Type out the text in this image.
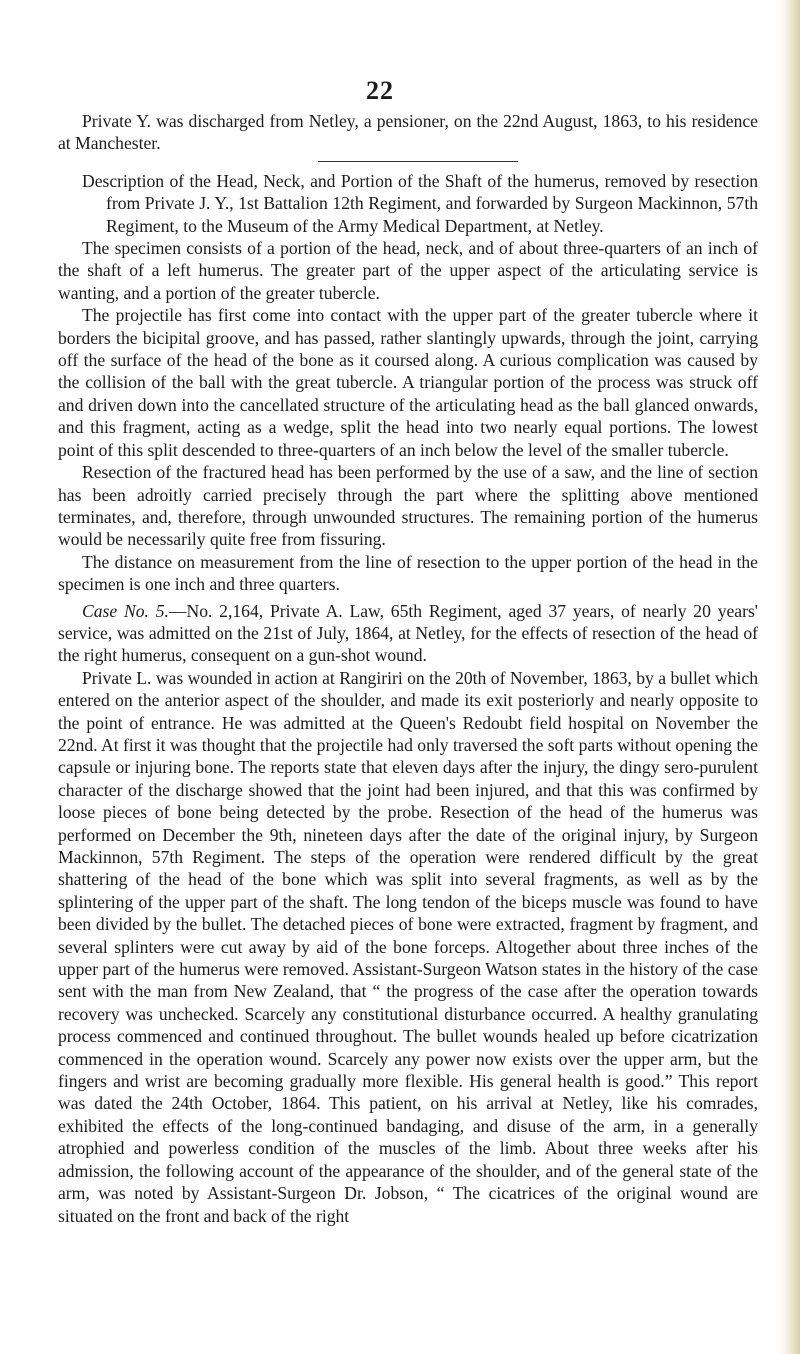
22

Private Y. was discharged from Netley, a pensioner, on the 22nd August, 1863, to his residence at Manchester.

Description of the Head, Neck, and Portion of the Shaft of the humerus, removed by resection from Private J. Y., 1st Battalion 12th Regiment, and forwarded by Surgeon Mackinnon, 57th Regiment, to the Museum of the Army Medical Department, at Netley.

The specimen consists of a portion of the head, neck, and of about three-quarters of an inch of the shaft of a left humerus. The greater part of the upper aspect of the articulating service is wanting, and a portion of the greater tubercle.

The projectile has first come into contact with the upper part of the greater tubercle where it borders the bicipital groove, and has passed, rather slantingly upwards, through the joint, carrying off the surface of the head of the bone as it coursed along. A curious complication was caused by the collision of the ball with the great tubercle. A triangular portion of the process was struck off and driven down into the cancellated structure of the articulating head as the ball glanced onwards, and this fragment, acting as a wedge, split the head into two nearly equal portions. The lowest point of this split descended to three-quarters of an inch below the level of the smaller tubercle.

Resection of the fractured head has been performed by the use of a saw, and the line of section has been adroitly carried precisely through the part where the splitting above mentioned terminates, and, therefore, through unwounded structures. The remaining portion of the humerus would be necessarily quite free from fissuring.

The distance on measurement from the line of resection to the upper portion of the head in the specimen is one inch and three quarters.

Case No. 5.—No. 2,164, Private A. Law, 65th Regiment, aged 37 years, of nearly 20 years' service, was admitted on the 21st of July, 1864, at Netley, for the effects of resection of the head of the right humerus, consequent on a gun-shot wound.

Private L. was wounded in action at Rangiriri on the 20th of November, 1863, by a bullet which entered on the anterior aspect of the shoulder, and made its exit posteriorly and nearly opposite to the point of entrance. He was admitted at the Queen's Redoubt field hospital on November the 22nd. At first it was thought that the projectile had only traversed the soft parts without opening the capsule or injuring bone. The reports state that eleven days after the injury, the dingy sero-purulent character of the discharge showed that the joint had been injured, and that this was confirmed by loose pieces of bone being detected by the probe. Resection of the head of the humerus was performed on December the 9th, nineteen days after the date of the original injury, by Surgeon Mackinnon, 57th Regiment. The steps of the operation were rendered difficult by the great shattering of the head of the bone which was split into several fragments, as well as by the splintering of the upper part of the shaft. The long tendon of the biceps muscle was found to have been divided by the bullet. The detached pieces of bone were extracted, fragment by fragment, and several splinters were cut away by aid of the bone forceps. Altogether about three inches of the upper part of the humerus were removed. Assistant-Surgeon Watson states in the history of the case sent with the man from New Zealand, that “ the progress of the case after the operation towards recovery was unchecked. Scarcely any constitutional disturbance occurred. A healthy granulating process commenced and continued throughout. The bullet wounds healed up before cicatrization commenced in the operation wound. Scarcely any power now exists over the upper arm, but the fingers and wrist are becoming gradually more flexible. His general health is good.” This report was dated the 24th October, 1864. This patient, on his arrival at Netley, like his comrades, exhibited the effects of the long-continued bandaging, and disuse of the arm, in a generally atrophied and powerless condition of the muscles of the limb. About three weeks after his admission, the following account of the appearance of the shoulder, and of the general state of the arm, was noted by Assistant-Surgeon Dr. Jobson, “ The cicatrices of the original wound are situated on the front and back of the right
